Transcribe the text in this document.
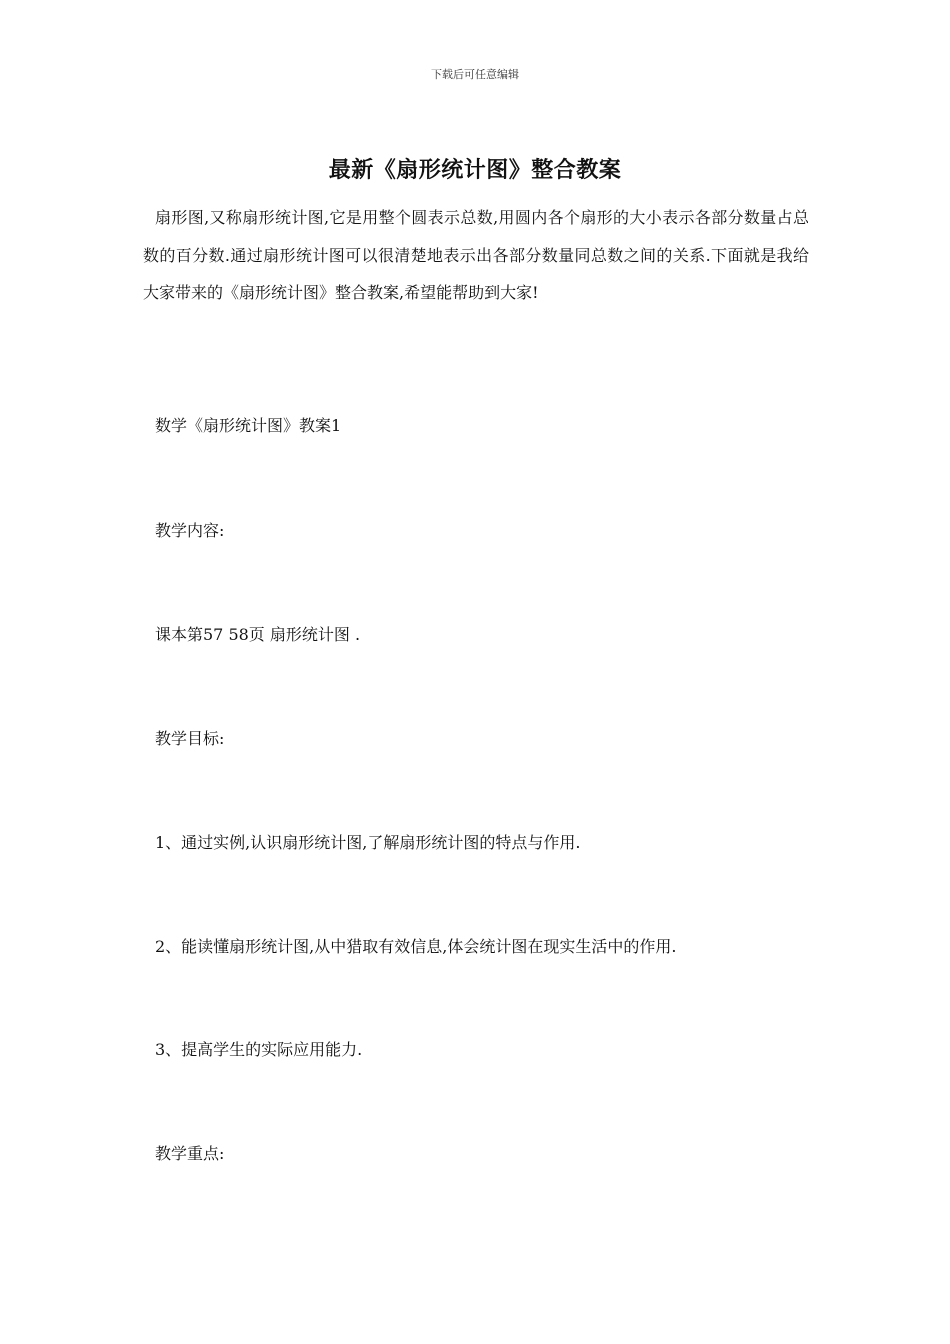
下载后可任意编辑
最新《扇形统计图》整合教案
扇形图,又称扇形统计图,它是用整个圆表示总数,用圆内各个扇形的大小表示各部分数量占总数的百分数.通过扇形统计图可以很清楚地表示出各部分数量同总数之间的关系.下面就是我给大家带来的《扇形统计图》整合教案,希望能帮助到大家!
数学《扇形统计图》教案1
教学内容:
课本第57 58页 扇形统计图 .
教学目标:
1、通过实例,认识扇形统计图,了解扇形统计图的特点与作用.
2、能读懂扇形统计图,从中猎取有效信息,体会统计图在现实生活中的作用.
3、提高学生的实际应用能力.
教学重点:
